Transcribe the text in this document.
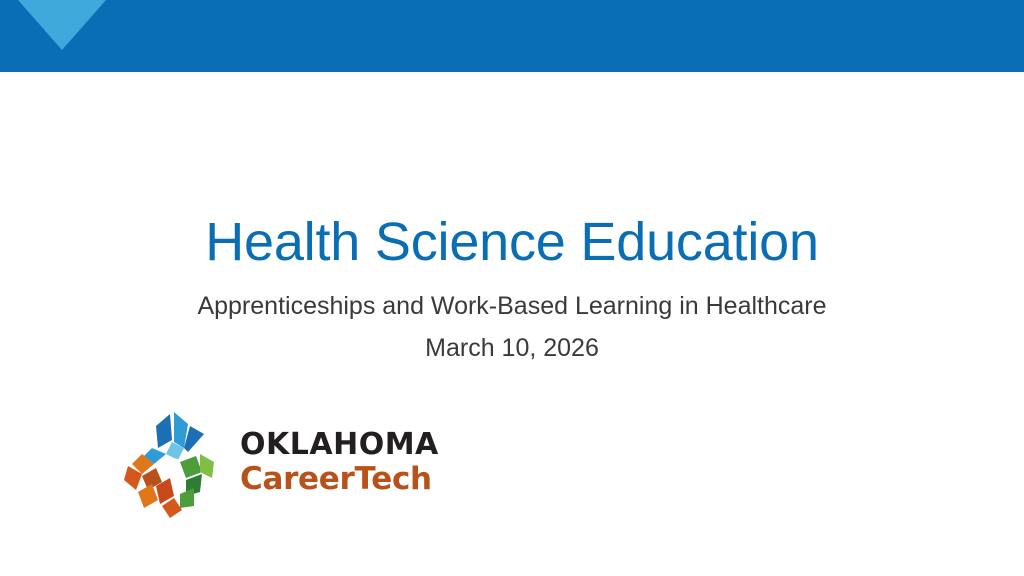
Health Science Education

Apprenticeships and Work-Based Learning in Healthcare

March 10, 2026

OKLAHOMA
CareerTech
